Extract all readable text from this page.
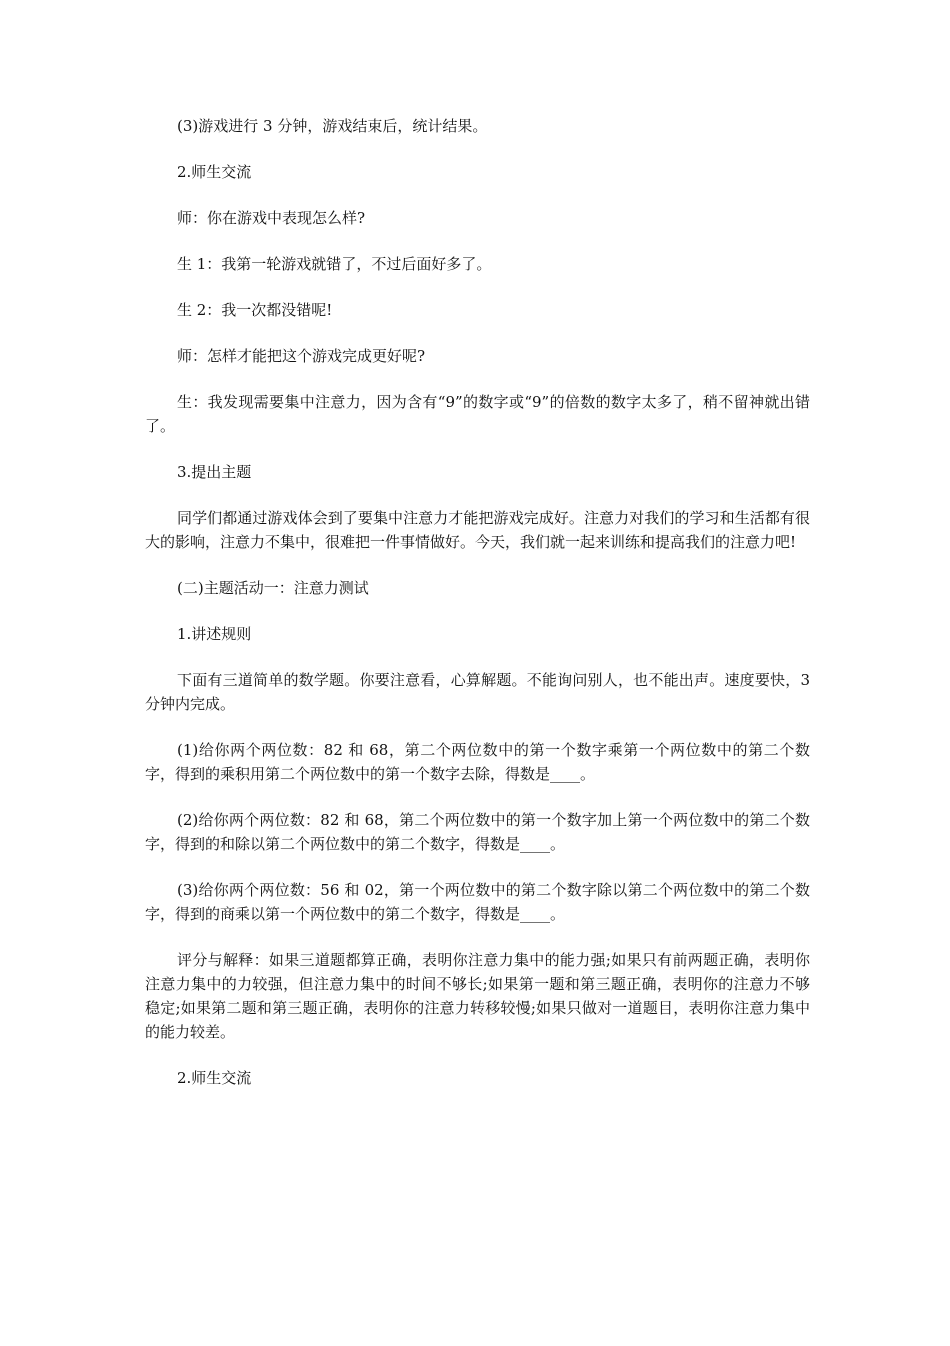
(3)游戏进行 3 分钟，游戏结束后，统计结果。

2.师生交流

师：你在游戏中表现怎么样?

生 1：我第一轮游戏就错了，不过后面好多了。

生 2：我一次都没错呢!

师：怎样才能把这个游戏完成更好呢?

生：我发现需要集中注意力，因为含有“9”的数字或“9”的倍数的数字太多了，稍不留神就出错了。

3.提出主题

同学们都通过游戏体会到了要集中注意力才能把游戏完成好。注意力对我们的学习和生活都有很大的影响，注意力不集中，很难把一件事情做好。今天，我们就一起来训练和提高我们的注意力吧!

(二)主题活动一：注意力测试

1.讲述规则

下面有三道简单的数学题。你要注意看，心算解题。不能询问别人，也不能出声。速度要快，3 分钟内完成。

(1)给你两个两位数：82 和 68，第二个两位数中的第一个数字乘第一个两位数中的第二个数字，得到的乘积用第二个两位数中的第一个数字去除，得数是____。

(2)给你两个两位数：82 和 68，第二个两位数中的第一个数字加上第一个两位数中的第二个数字，得到的和除以第二个两位数中的第二个数字，得数是____。

(3)给你两个两位数：56 和 02，第一个两位数中的第二个数字除以第二个两位数中的第二个数字，得到的商乘以第一个两位数中的第二个数字，得数是____。

评分与解释：如果三道题都算正确，表明你注意力集中的能力强;如果只有前两题正确，表明你注意力集中的力较强，但注意力集中的时间不够长;如果第一题和第三题正确，表明你的注意力不够稳定;如果第二题和第三题正确，表明你的注意力转移较慢;如果只做对一道题目，表明你注意力集中的能力较差。

2.师生交流
